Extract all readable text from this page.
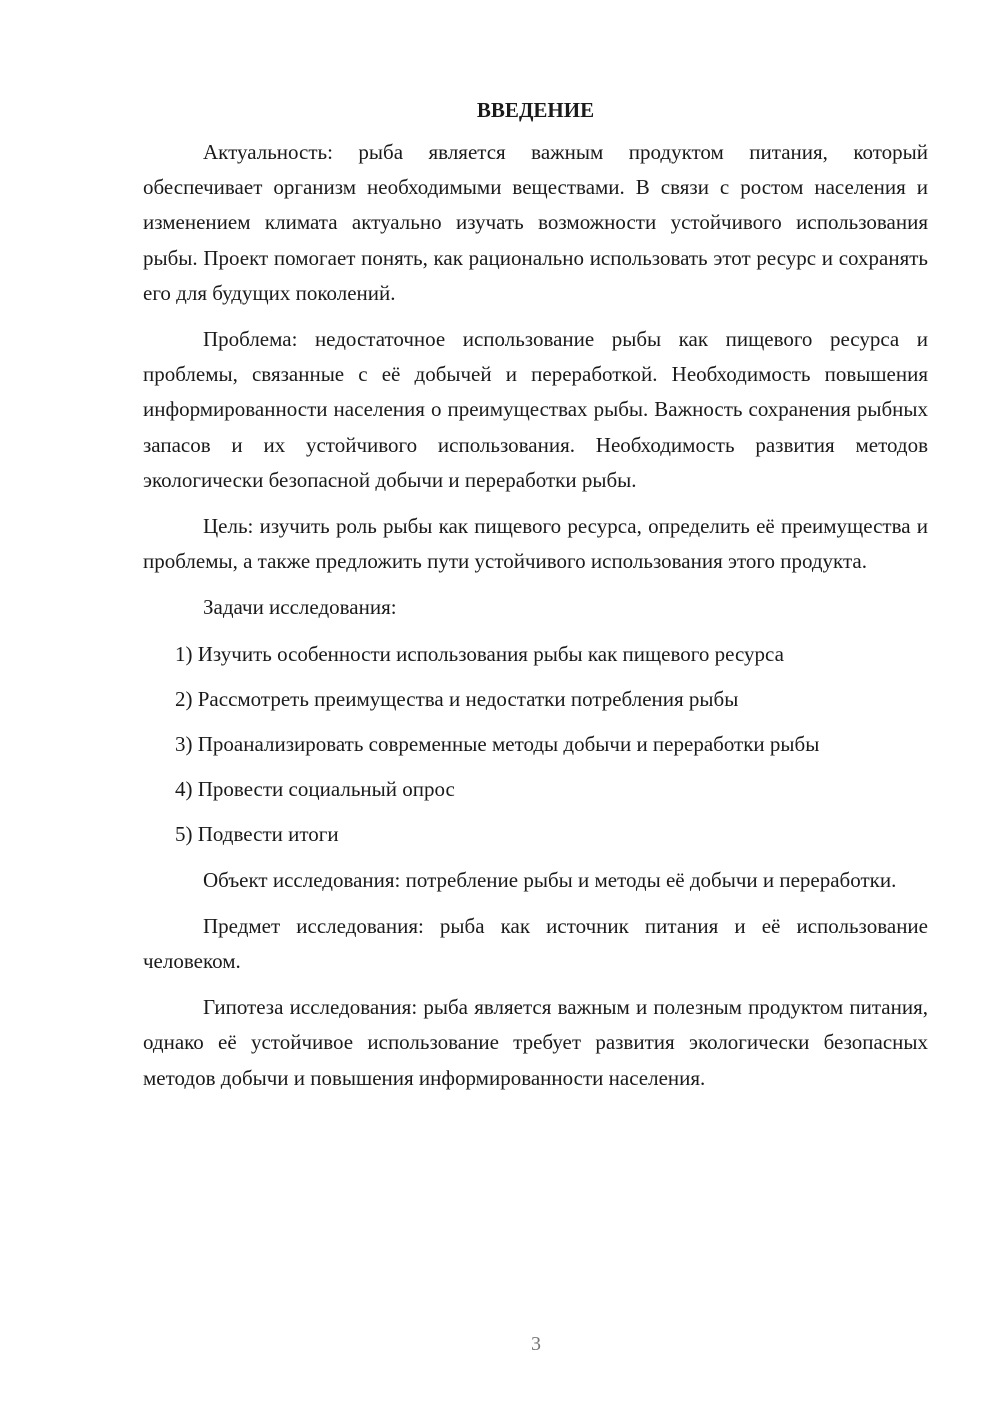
ВВЕДЕНИЕ

Актуальность: рыба является важным продуктом питания, который обеспечивает организм необходимыми веществами. В связи с ростом населения и изменением климата актуально изучать возможности устойчивого использования рыбы. Проект помогает понять, как рационально использовать этот ресурс и сохранять его для будущих поколений.

Проблема: недостаточное использование рыбы как пищевого ресурса и проблемы, связанные с её добычей и переработкой. Необходимость повышения информированности населения о преимуществах рыбы. Важность сохранения рыбных запасов и их устойчивого использования. Необходимость развития методов экологически безопасной добычи и переработки рыбы.

Цель: изучить роль рыбы как пищевого ресурса, определить её преимущества и проблемы, а также предложить пути устойчивого использования этого продукта.

Задачи исследования:

1) Изучить особенности использования рыбы как пищевого ресурса

2) Рассмотреть преимущества и недостатки потребления рыбы

3) Проанализировать современные методы добычи и переработки рыбы

4) Провести социальный опрос

5) Подвести итоги

Объект исследования: потребление рыбы и методы её добычи и переработки.

Предмет исследования: рыба как источник питания и её использование человеком.

Гипотеза исследования: рыба является важным и полезным продуктом питания, однако её устойчивое использование требует развития экологически безопасных методов добычи и повышения информированности населения.

3
